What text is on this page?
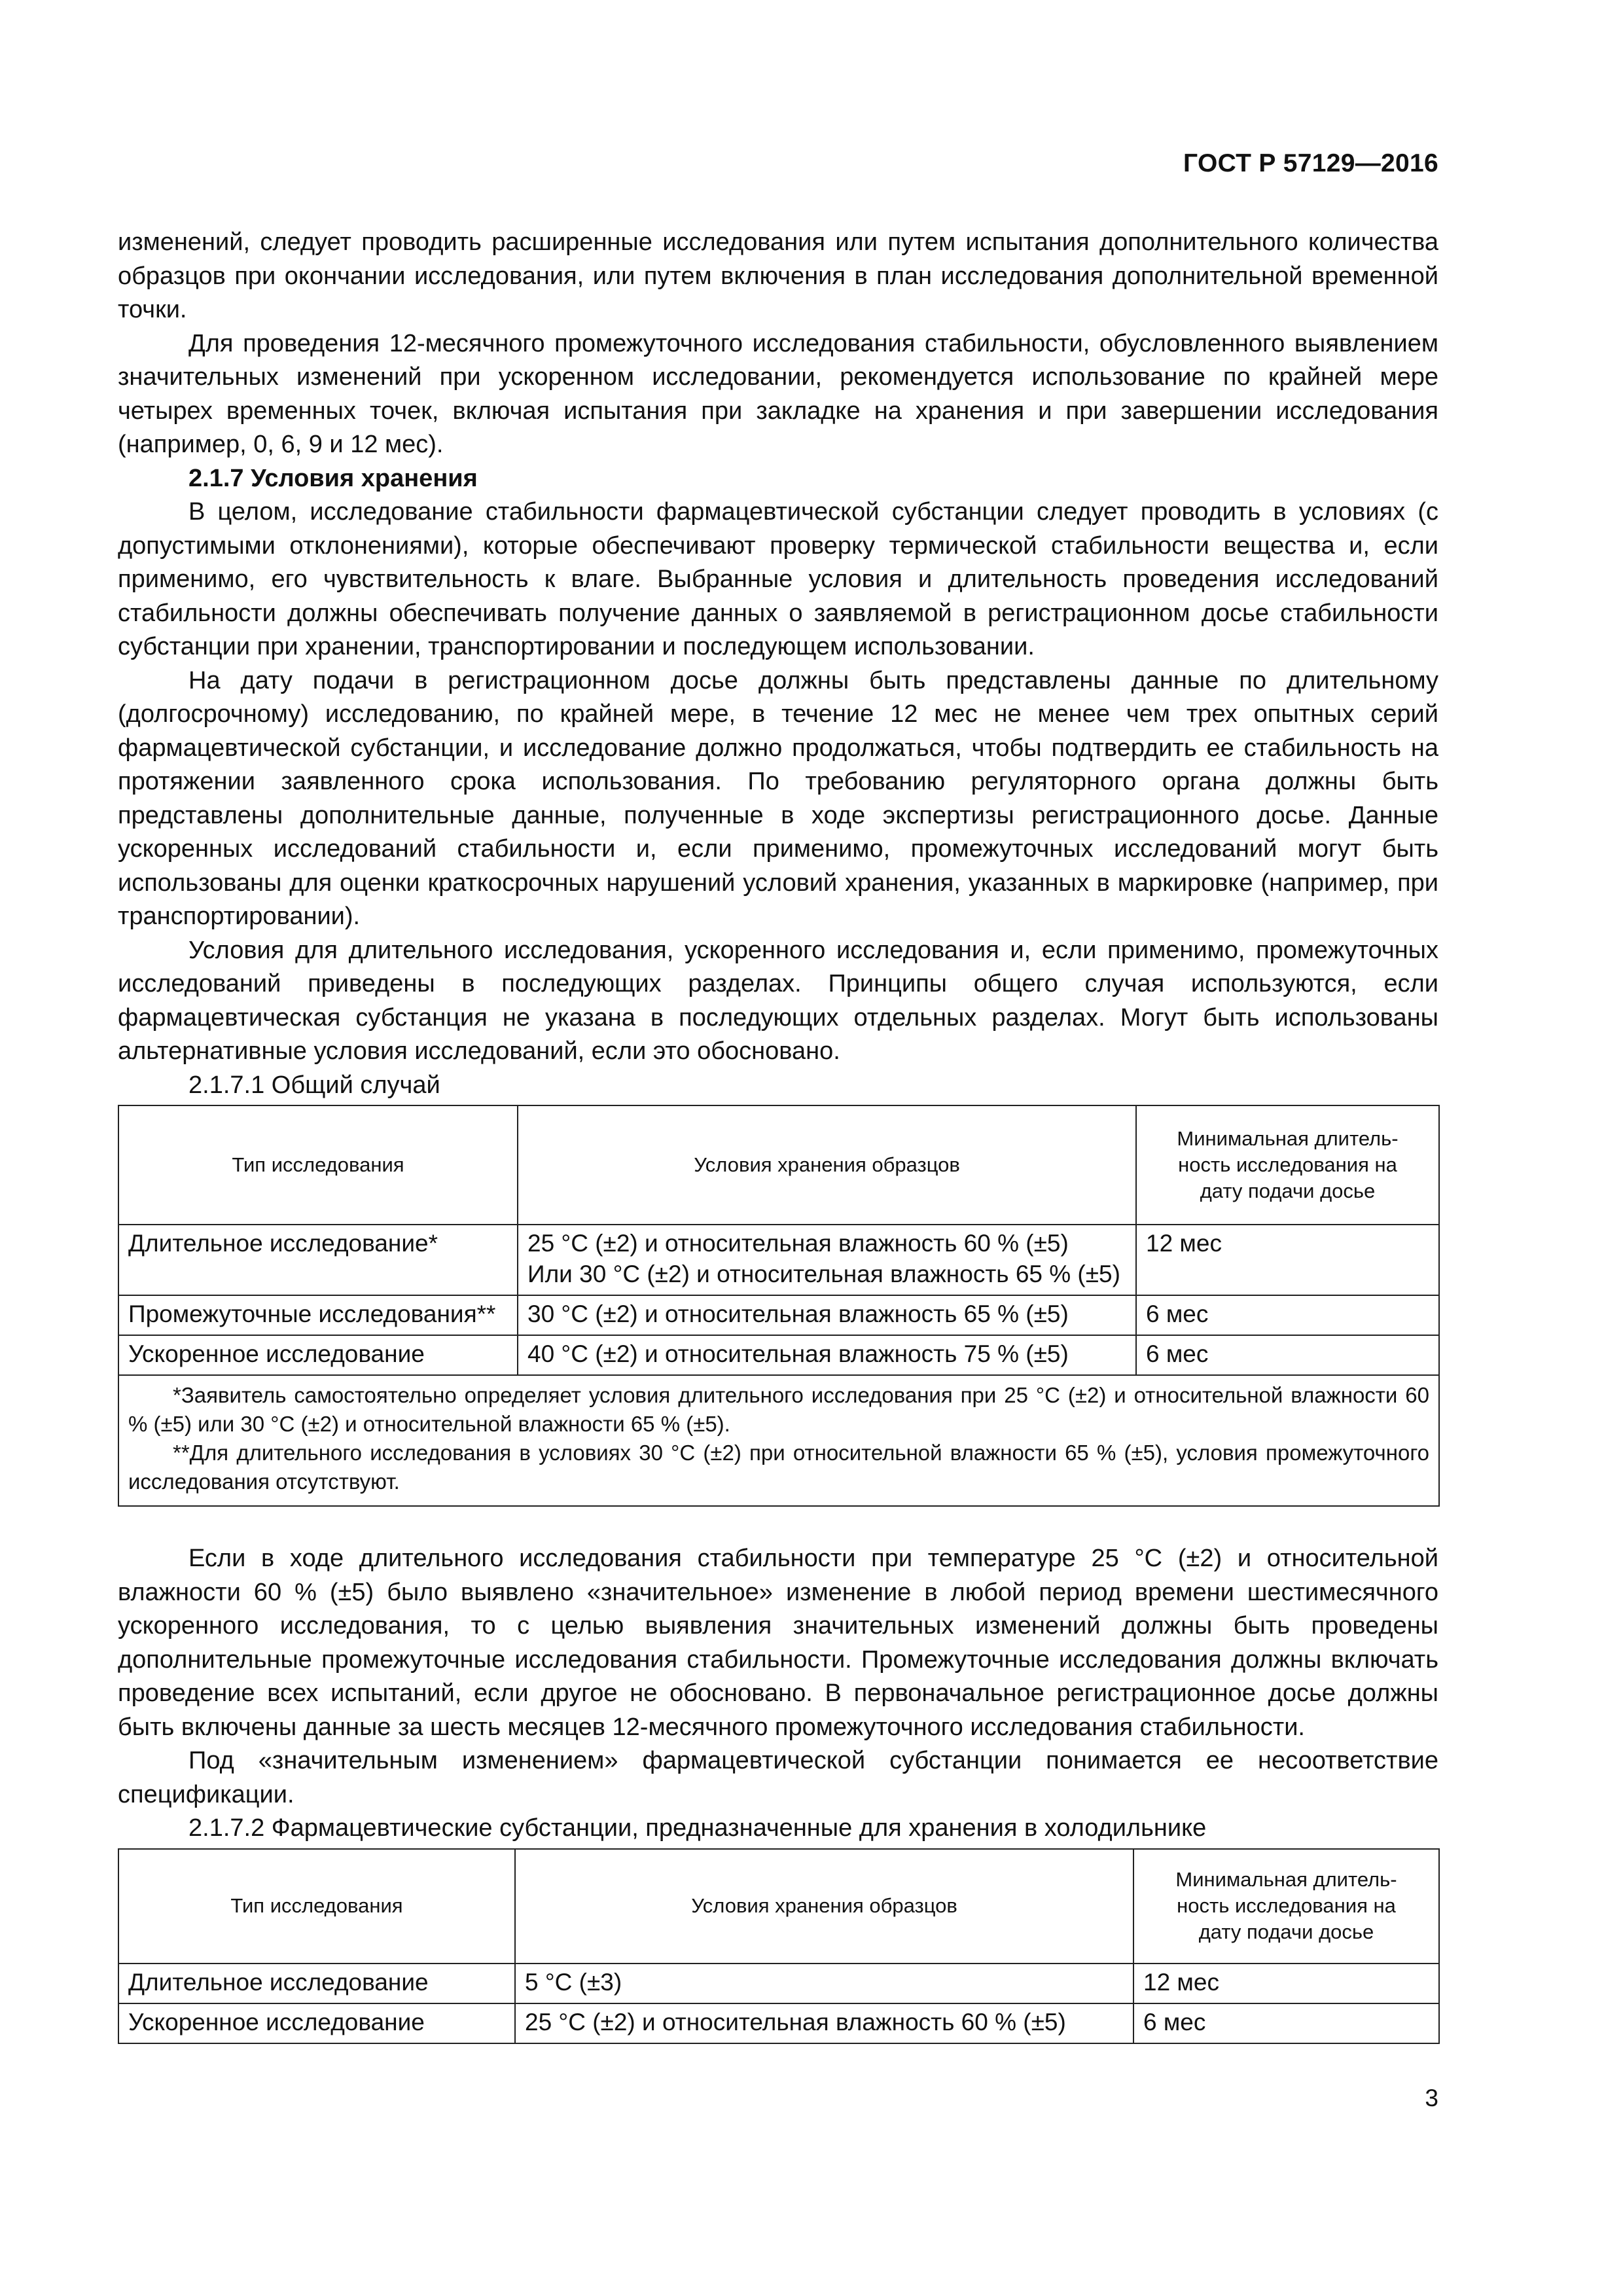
ГОСТ Р 57129—2016

изменений, следует проводить расширенные исследования или путем испытания дополнительного количества образцов при окончании исследования, или путем включения в план исследования дополнительной временной точки.

Для проведения 12-месячного промежуточного исследования стабильности, обусловленного выявлением значительных изменений при ускоренном исследовании, рекомендуется использование по крайней мере четырех временных точек, включая испытания при закладке на хранения и при завершении исследования (например, 0, 6, 9 и 12 мес).

2.1.7 Условия хранения

В целом, исследование стабильности фармацевтической субстанции следует проводить в условиях (с допустимыми отклонениями), которые обеспечивают проверку термической стабильности вещества и, если применимо, его чувствительность к влаге. Выбранные условия и длительность проведения исследований стабильности должны обеспечивать получение данных о заявляемой в регистрационном досье стабильности субстанции при хранении, транспортировании и последующем использовании.

На дату подачи в регистрационном досье должны быть представлены данные по длительному (долгосрочному) исследованию, по крайней мере, в течение 12 мес не менее чем трех опытных серий фармацевтической субстанции, и исследование должно продолжаться, чтобы подтвердить ее стабильность на протяжении заявленного срока использования. По требованию регуляторного органа должны быть представлены дополнительные данные, полученные в ходе экспертизы регистрационного досье. Данные ускоренных исследований стабильности и, если применимо, промежуточных исследований могут быть использованы для оценки краткосрочных нарушений условий хранения, указанных в маркировке (например, при транспортировании).

Условия для длительного исследования, ускоренного исследования и, если применимо, промежуточных исследований приведены в последующих разделах. Принципы общего случая используются, если фармацевтическая субстанция не указана в последующих отдельных разделах. Могут быть использованы альтернативные условия исследований, если это обосновано.

2.1.7.1 Общий случай

Тип исследования	Условия хранения образцов	Минимальная длитель-
ность исследования на
дату подачи досье
Длительное исследование*	25 °C (±2) и относительная влажность 60 % (±5)
Или 30 °C (±2) и относительная влажность 65 % (±5)	12 мес
Промежуточные исследования**	30 °C (±2) и относительная влажность 65 % (±5)	6 мес
Ускоренное исследование	40 °C (±2) и относительная влажность 75 % (±5)	6 мес

*Заявитель самостоятельно определяет условия длительного исследования при 25 °C (±2) и относительной влажности 60 % (±5) или 30 °C (±2) и относительной влажности 65 % (±5).
**Для длительного исследования в условиях 30 °C (±2) при относительной влажности 65 % (±5), условия промежуточного исследования отсутствуют.		

Если в ходе длительного исследования стабильности при температуре 25 °C (±2) и относительной влажности 60 % (±5) было выявлено «значительное» изменение в любой период времени шестимесячного ускоренного исследования, то с целью выявления значительных изменений должны быть проведены дополнительные промежуточные исследования стабильности. Промежуточные исследования должны включать проведение всех испытаний, если другое не обосновано. В первоначальное регистрационное досье должны быть включены данные за шесть месяцев 12-месячного промежуточного исследования стабильности.

Под «значительным изменением» фармацевтической субстанции понимается ее несоответствие спецификации.

2.1.7.2 Фармацевтические субстанции, предназначенные для хранения в холодильнике

Тип исследования	Условия хранения образцов	Минимальная длитель-
ность исследования на
дату подачи досье
Длительное исследование	5 °C (±3)	12 мес
Ускоренное исследование	25 °C (±2) и относительная влажность 60 % (±5)	6 мес
3
